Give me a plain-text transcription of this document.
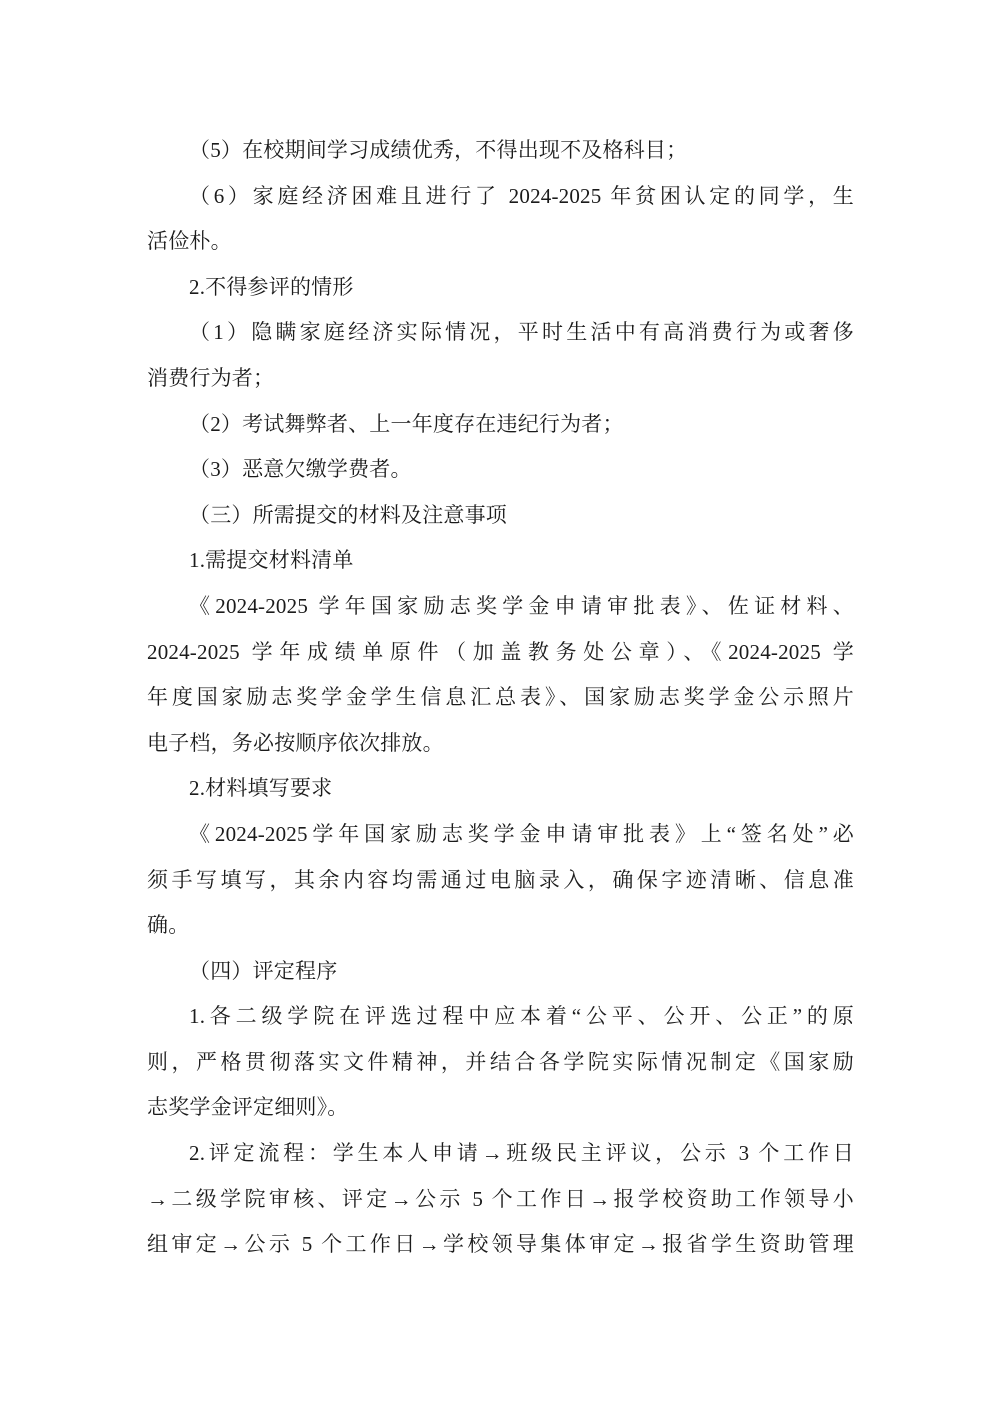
（5）在校期间学习成绩优秀，不得出现不及格科目；
（6）家庭经济困难且进行了 2024-2025 年贫困认定的同学，生
活俭朴。
2.不得参评的情形
（1）隐瞒家庭经济实际情况，平时生活中有高消费行为或奢侈
消费行为者；
（2）考试舞弊者、上一年度存在违纪行为者；
（3）恶意欠缴学费者。
（三）所需提交的材料及注意事项
1.需提交材料清单
《2024-2025 学年国家励志奖学金申请审批表》、佐证材料、
2024-2025 学年成绩单原件（加盖教务处公章）、《2024-2025 学
年度国家励志奖学金学生信息汇总表》、国家励志奖学金公示照片
电子档，务必按顺序依次排放。
2.材料填写要求
《2024-2025学年国家励志奖学金申请审批表》上“签名处”必
须手写填写，其余内容均需通过电脑录入，确保字迹清晰、信息准
确。
（四）评定程序
1.各二级学院在评选过程中应本着“公平、公开、公正”的原
则，严格贯彻落实文件精神，并结合各学院实际情况制定《国家励
志奖学金评定细则》。
2.评定流程：学生本人申请→班级民主评议，公示 3 个工作日
→二级学院审核、评定→公示 5 个工作日→报学校资助工作领导小
组审定→公示 5 个工作日→学校领导集体审定→报省学生资助管理
